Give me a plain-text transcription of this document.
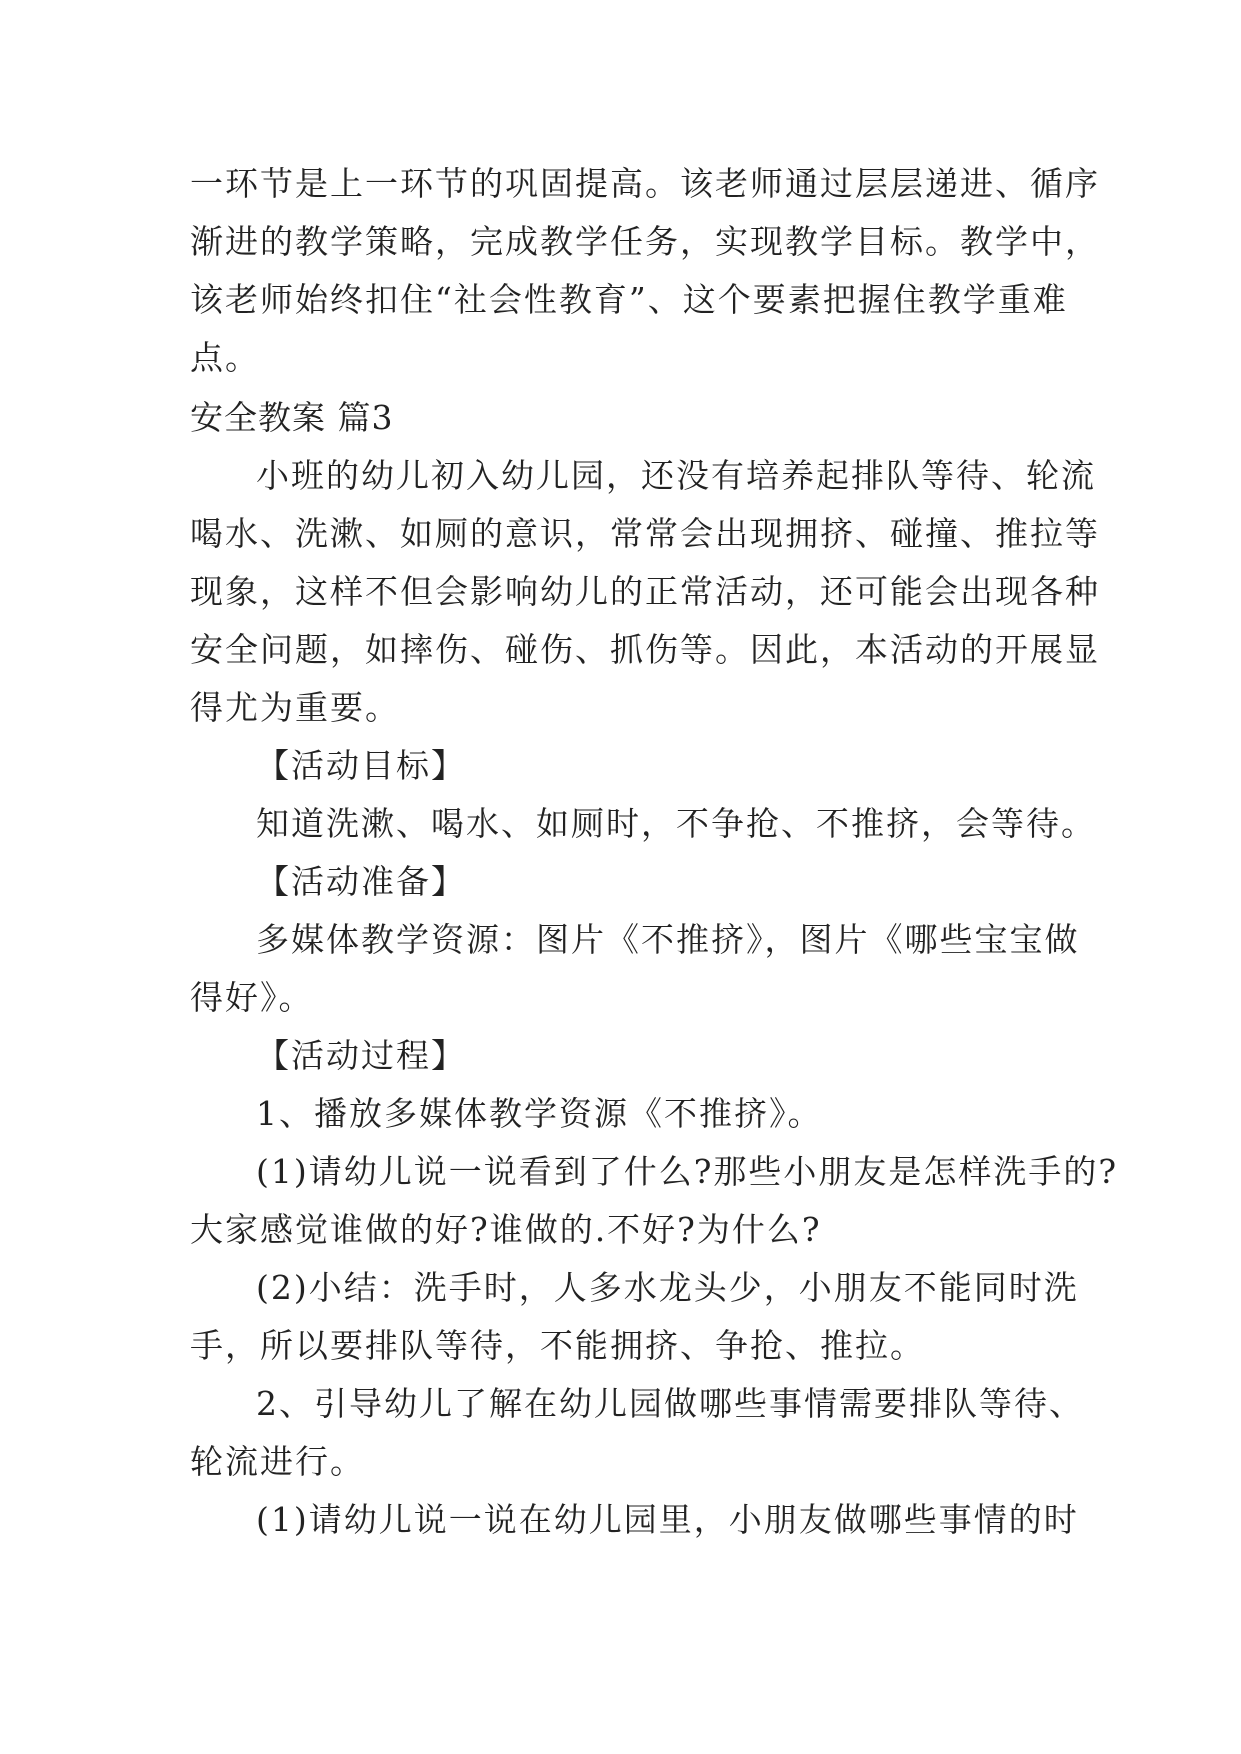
一环节是上一环节的巩固提高。该老师通过层层递进、循序
渐进的教学策略，完成教学任务，实现教学目标。教学中，
该老师始终扣住“社会性教育”、这个要素把握住教学重难
点。
安全教案 篇3
小班的幼儿初入幼儿园，还没有培养起排队等待、轮流
喝水、洗漱、如厕的意识，常常会出现拥挤、碰撞、推拉等
现象，这样不但会影响幼儿的正常活动，还可能会出现各种
安全问题，如摔伤、碰伤、抓伤等。因此，本活动的开展显
得尤为重要。
【活动目标】
知道洗漱、喝水、如厕时，不争抢、不推挤，会等待。
【活动准备】
多媒体教学资源：图片《不推挤》，图片《哪些宝宝做
得好》。
【活动过程】
1、播放多媒体教学资源《不推挤》。
(1)请幼儿说一说看到了什么?那些小朋友是怎样洗手的?
大家感觉谁做的好?谁做的.不好?为什么?
(2)小结：洗手时，人多水龙头少，小朋友不能同时洗
手，所以要排队等待，不能拥挤、争抢、推拉。
2、引导幼儿了解在幼儿园做哪些事情需要排队等待、
轮流进行。
(1)请幼儿说一说在幼儿园里，小朋友做哪些事情的时
